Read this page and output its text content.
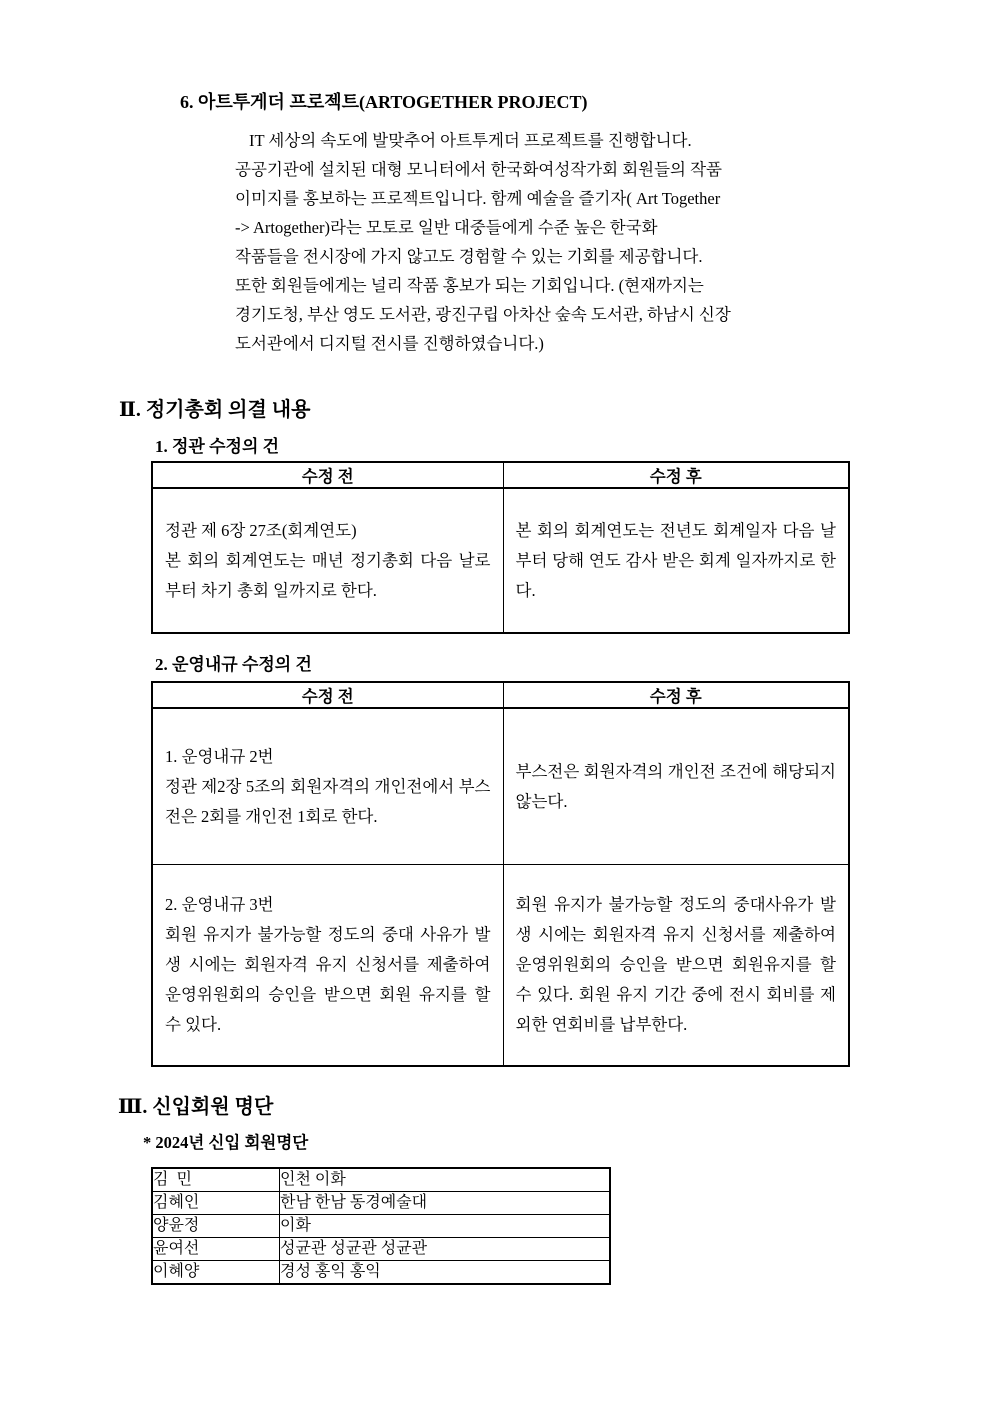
6. 아트투게더 프로젝트(ARTOGETHER PROJECT)
IT 세상의 속도에 발맞추어 아트투게더 프로젝트를 진행합니다.
공공기관에 설치된 대형 모니터에서 한국화여성작가회 회원들의 작품
이미지를 홍보하는 프로젝트입니다. 함께 예술을 즐기자( Art Together
-> Artogether)라는 모토로 일반 대중들에게 수준 높은 한국화
작품들을 전시장에 가지 않고도 경험할 수 있는 기회를 제공합니다.
또한 회원들에게는 널리 작품 홍보가 되는 기회입니다. (현재까지는
경기도청, 부산 영도 도서관, 광진구립 아차산 숲속 도서관, 하남시 신장
도서관에서 디지털 전시를 진행하였습니다.)
Ⅱ. 정기총회 의결 내용
1. 정관 수정의 건
수정 전	수정 후

정관 제 6장 27조(회계연도)
본 회의 회계연도는 매년 정기총회 다음 날로부터 차기 총회 일까지로 한다.	본 회의 회계연도는 전년도 회계일자 다음 날부터 당해 연도 감사 받은 회계 일자까지로 한다.
2. 운영내규 수정의 건
수정 전	수정 후

1. 운영내규 2번
정관 제2장 5조의 회원자격의 개인전에서 부스전은 2회를 개인전 1회로 한다.	부스전은 회원자격의 개인전 조건에 해당되지 않는다.

2. 운영내규 3번
회원 유지가 불가능할 정도의 중대 사유가 발생 시에는 회원자격 유지 신청서를 제출하여 운영위원회의 승인을 받으면 회원 유지를 할 수 있다.	회원 유지가 불가능할 정도의 중대사유가 발생 시에는 회원자격 유지 신청서를 제출하여 운영위원회의 승인을 받으면 회원유지를 할 수 있다. 회원 유지 기간 중에 전시 회비를 제외한 연회비를 납부한다.
Ⅲ. 신입회원 명단
* 2024년 신입 회원명단
김  민	인천 이화
김혜인	한남 한남 동경예술대
양윤정	이화
윤여선	성균관 성균관 성균관
이혜양	경성 홍익 홍익
